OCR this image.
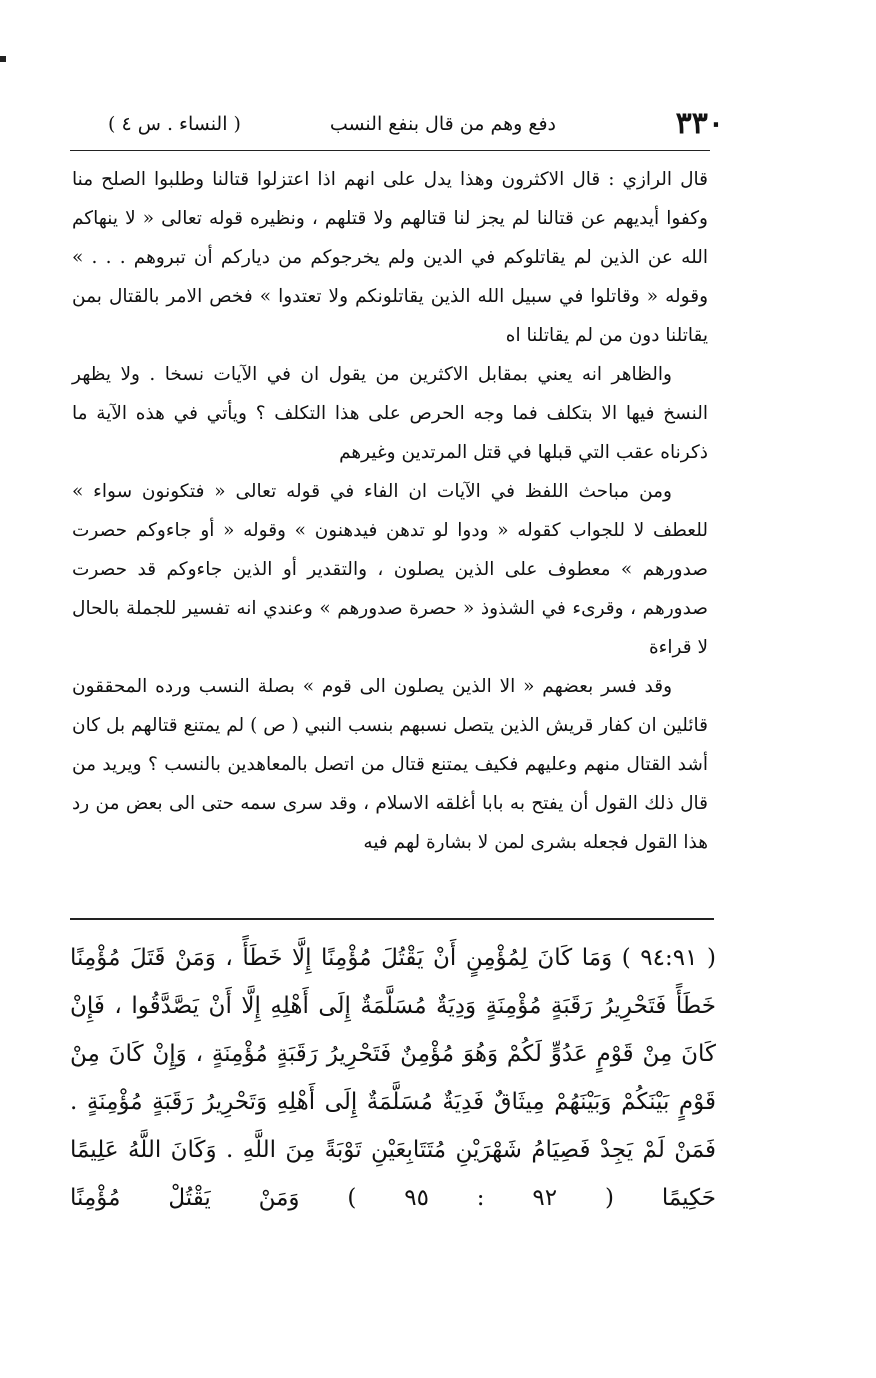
٣٣٠
دفع وهم من قال بنفع النسب
( النساء . س ٤ )

قال الرازي : قال الاكثرون وهذا يدل على انهم اذا اعتزلوا قتالنا وطلبوا الصلح منا وكفوا أيديهم عن قتالنا لم يجز لنا قتالهم ولا قتلهم ، ونظيره قوله تعالى « لا ينهاكم الله عن الذين لم يقاتلوكم في الدين ولم يخرجوكم من دياركم أن تبروهم . . . » وقوله « وقاتلوا في سبيل الله الذين يقاتلونكم ولا تعتدوا » فخص الامر بالقتال بمن يقاتلنا دون من لم يقاتلنا اه

والظاهر انه يعني بمقابل الاكثرين من يقول ان في الآيات نسخا . ولا يظهر النسخ فيها الا بتكلف فما وجه الحرص على هذا التكلف ؟ ويأتي في هذه الآية ما ذكرناه عقب التي قبلها في قتل المرتدين وغيرهم

ومن مباحث اللفظ في الآيات ان الفاء في قوله تعالى « فتكونون سواء » للعطف لا للجواب كقوله « ودوا لو تدهن فيدهنون » وقوله « أو جاءوكم حصرت صدورهم » معطوف على الذين يصلون ، والتقدير أو الذين جاءوكم قد حصرت صدورهم ، وقرىء في الشذوذ « حصرة صدورهم » وعندي انه تفسير للجملة بالحال لا قراءة

وقد فسر بعضهم « الا الذين يصلون الى قوم » بصلة النسب ورده المحققون قائلين ان كفار قريش الذين يتصل نسبهم بنسب النبي ( ص ) لم يمتنع قتالهم بل كان أشد القتال منهم وعليهم فكيف يمتنع قتال من اتصل بالمعاهدين بالنسب ؟ ويريد من قال ذلك القول أن يفتح به بابا أغلقه الاسلام ، وقد سرى سمه حتى الى بعض من رد هذا القول فجعله بشرى لمن لا بشارة لهم فيه

( ٩٤:٩١ ) وَمَا كَانَ لِمُؤْمِنٍ أَنْ يَقْتُلَ مُؤْمِنًا إِلَّا خَطَأً ، وَمَنْ قَتَلَ مُؤْمِنًا خَطَأً فَتَحْرِيرُ رَقَبَةٍ مُؤْمِنَةٍ وَدِيَةٌ مُسَلَّمَةٌ إِلَى أَهْلِهِ إِلَّا أَنْ يَصَّدَّقُوا ، فَإِنْ كَانَ مِنْ قَوْمٍ عَدُوٍّ لَكُمْ وَهُوَ مُؤْمِنٌ فَتَحْرِيرُ رَقَبَةٍ مُؤْمِنَةٍ ، وَإِنْ كَانَ مِنْ قَوْمٍ بَيْنَكُمْ وَبَيْنَهُمْ مِيثَاقٌ فَدِيَةٌ مُسَلَّمَةٌ إِلَى أَهْلِهِ وَتَحْرِيرُ رَقَبَةٍ مُؤْمِنَةٍ . فَمَنْ لَمْ يَجِدْ فَصِيَامُ شَهْرَيْنِ مُتَتَابِعَيْنِ تَوْبَةً مِنَ اللَّهِ . وَكَانَ اللَّهُ عَلِيمًا حَكِيمًا ( ٩٢ : ٩٥ ) وَمَنْ يَقْتُلْ مُؤْمِنًا
